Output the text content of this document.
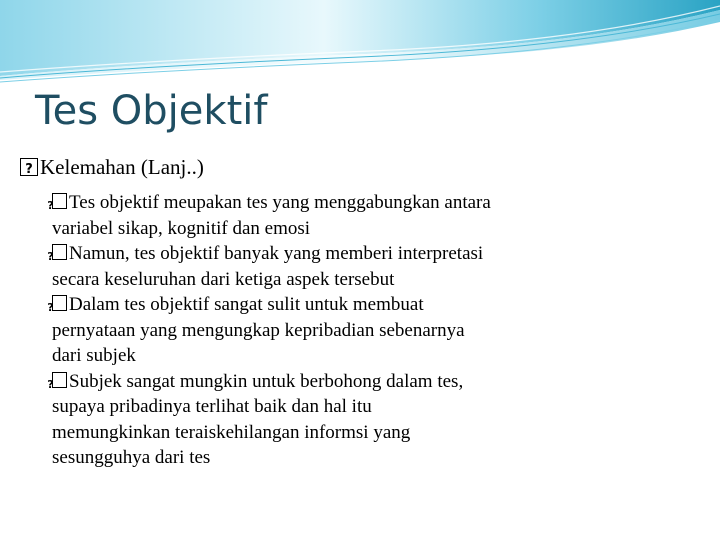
Tes Objektif
?Kelemahan (Lanj..)
?Tes objektif meupakan tes yang menggabungkan antara
variabel sikap, kognitif dan emosi
?Namun, tes objektif banyak yang memberi interpretasi
secara keseluruhan dari ketiga aspek tersebut
?Dalam tes objektif sangat sulit untuk membuat
pernyataan yang mengungkap kepribadian sebenarnya
dari subjek
?Subjek sangat mungkin untuk berbohong dalam tes,
supaya pribadinya terlihat baik dan hal itu
memungkinkan teraiskehilangan informsi yang
sesungguhya dari tes
